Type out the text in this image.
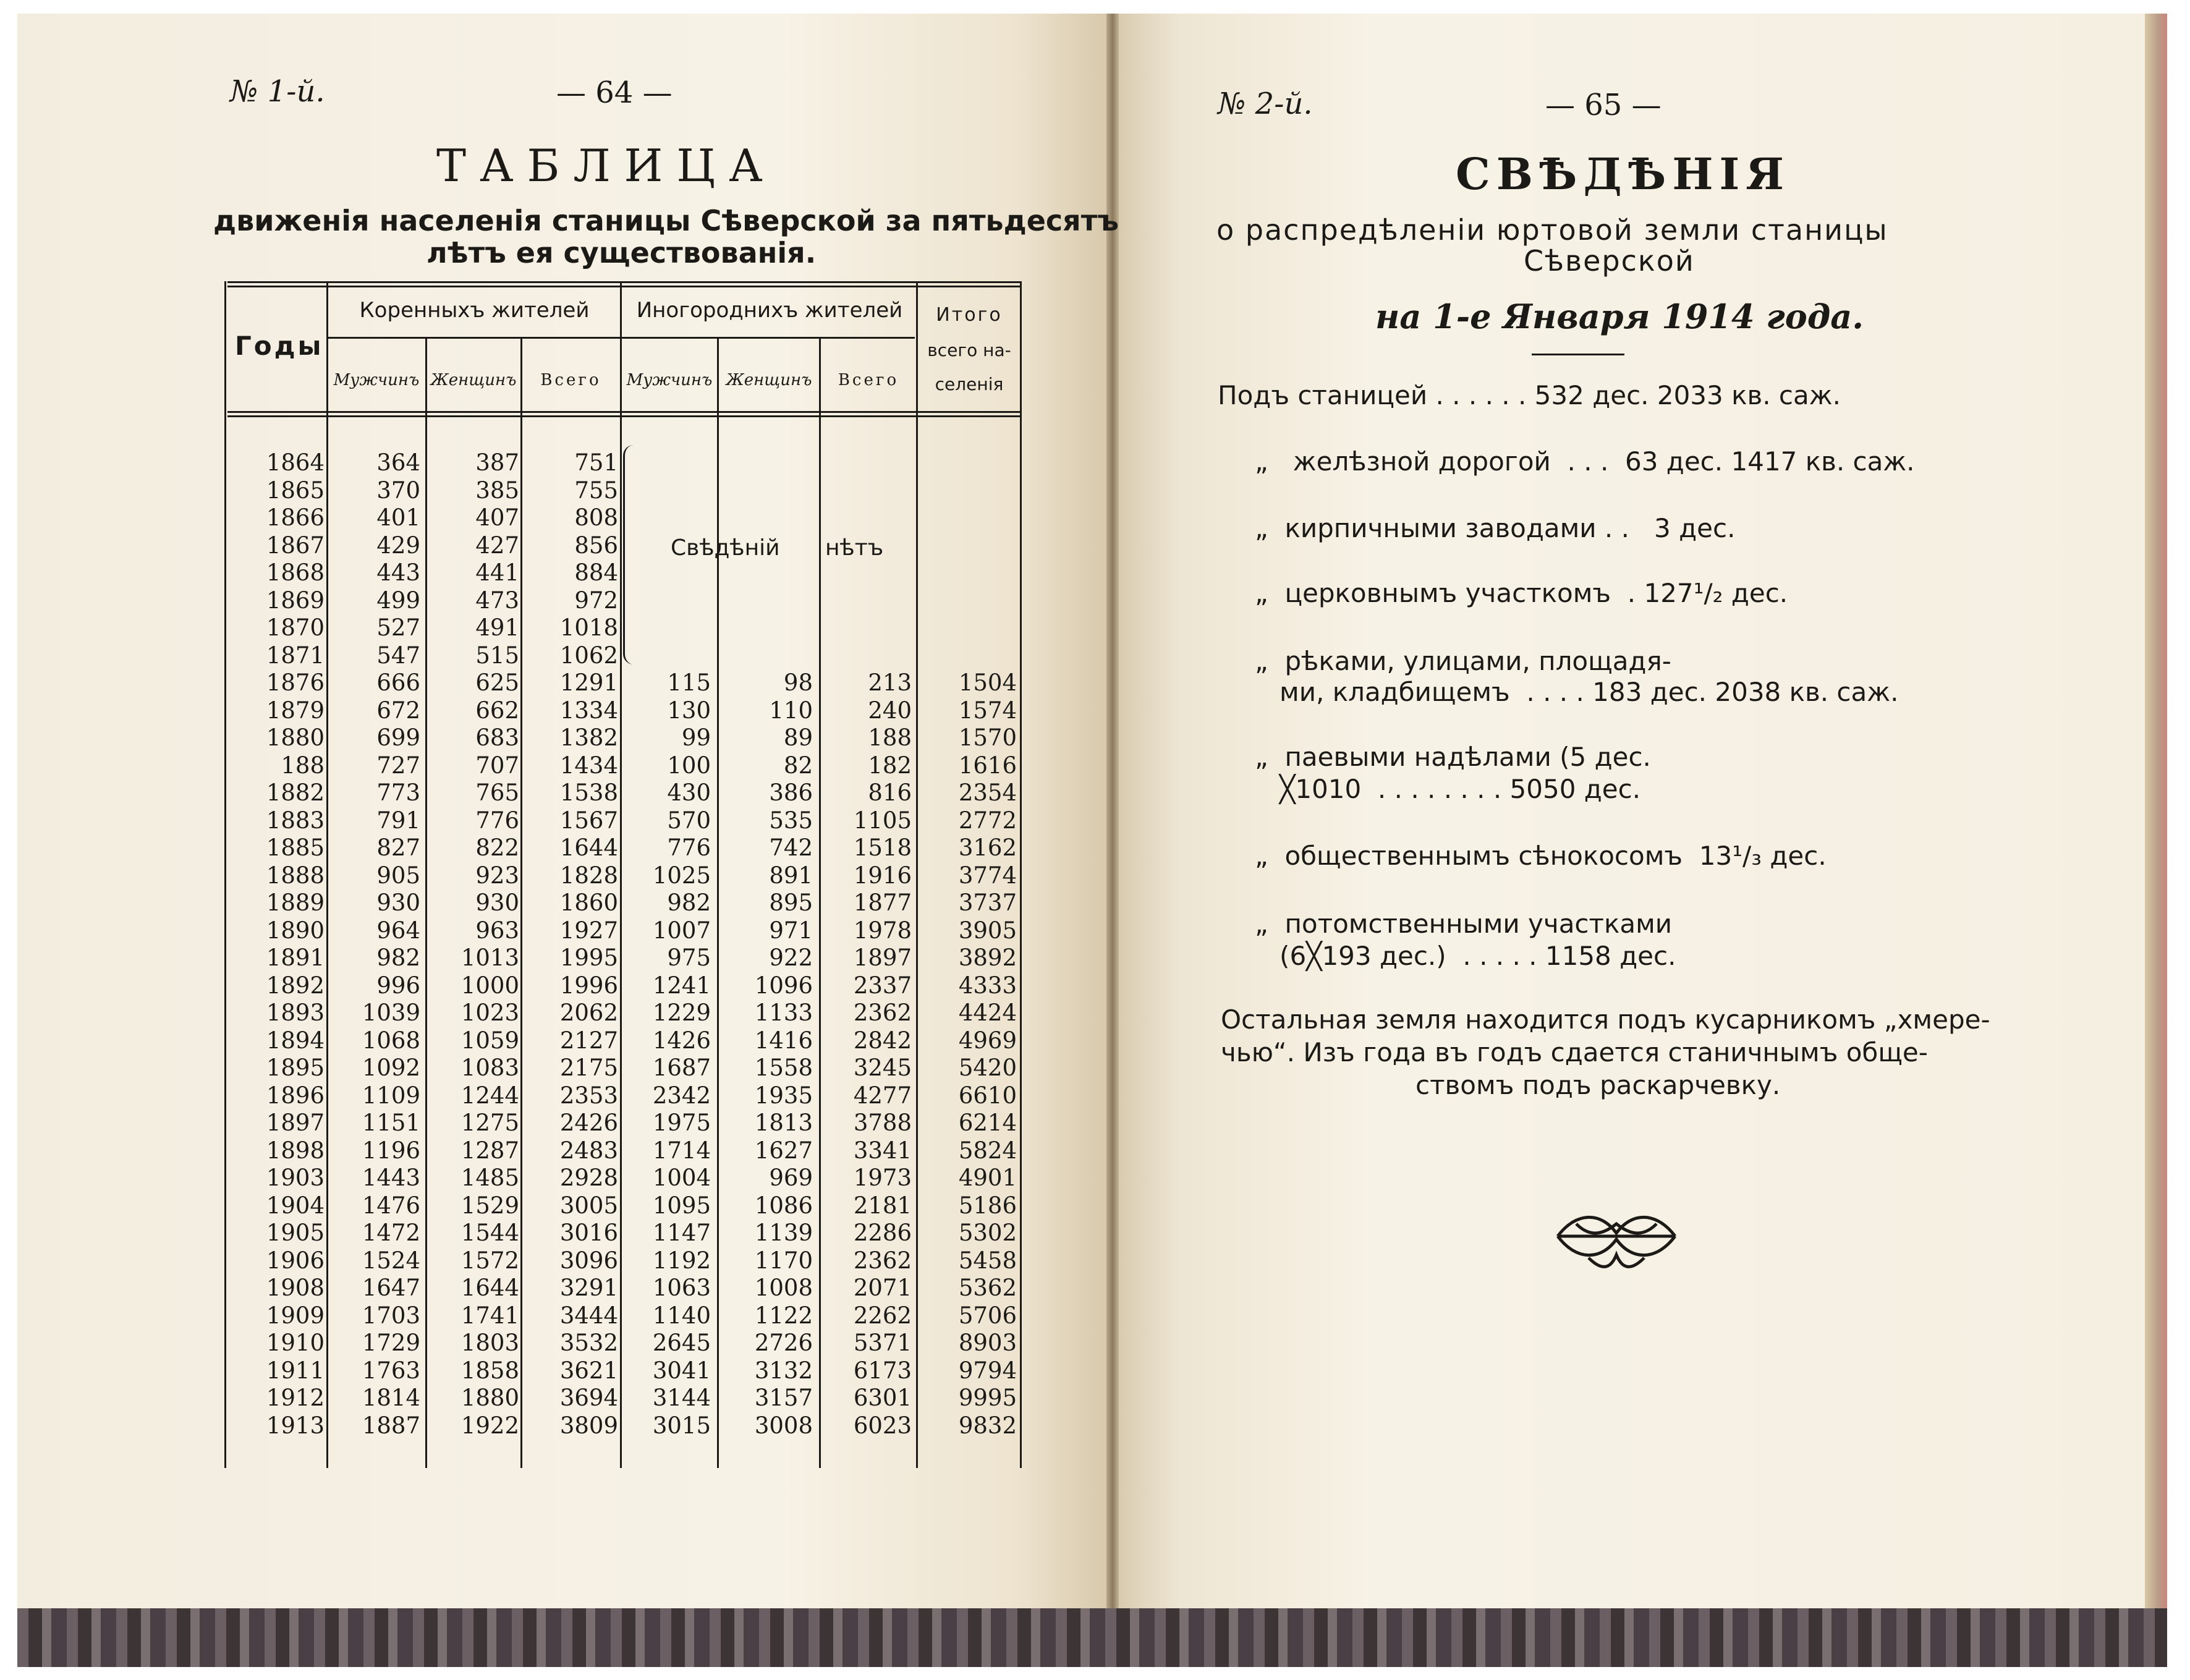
№ 1-й.	— 64 —
ТАБЛИЦА
движенія населенія станицы Сѣверской за пятьдесятъ
лѣтъ ея существованія.
Годы
Коренныхъ жителей	Иногороднихъ жителей	Итого
всего на-
селенія
Мужчинъ Женщинъ	Всего	Мужчинъ Женщинъ	Всего
Свѣдѣній нѣтъ
1864 364 387 751
1865 370 385 755
1866 401 407 808
1867 429 427 856
1868 443 441 884
1869 499 473 972
1870 527 491 1018
1871 547 515 1062
1876 666 625 1291 115	98 213 1504
1879 672 662 1334 130	110 240 1574
1880 699 683 1382	99	89 188 1570
188 727 707 1434 100	82 182 1616
1882 773 765 1538 430	386 816 2354
1883 791 776 1567 570	535 1105 2772
1885 827 822 1644 776	742 1518 3162
1888 905 923 1828 1025	891 1916 3774
1889 930 930 1860 982	895 1877 3737
1890 964 963 1927 1007	971 1978 3905
1891 982 1013 1995 975	922 1897 3892
1892 996 1000 1996 1241 1096 2337 4333
1893 1039 1023 2062 1229 1133 2362 4424
1894 1068 1059 2127 1426 1416 2842 4969
1895 1092 1083 2175 1687 1558 3245 5420
1896 1109 1244 2353 2342 1935 4277 6610
1897 1151 1275 2426 1975 1813 3788 6214
1898 1196 1287 2483 1714 1627 3341 5824
1903 1443 1485 2928 1004	969 1973 4901
1904 1476 1529 3005 1095 1086 2181 5186
1905 1472 1544 3016 1147 1139 2286 5302
1906 1524 1572 3096 1192 1170 2362 5458
1908 1647 1644 3291 1063 1008 2071 5362
1909 1703 1741 3444 1140 1122 2262 5706
1910 1729 1803 3532 2645 2726 5371 8903
1911 1763 1858 3621 3041 3132 6173 9794
1912 1814 1880 3694 3144 3157 6301 9995
1913 1887 1922 3809 3015 3008 6023 9832
№ 2-й.	— 65 —
СВѢДѢНІЯ
о распредѣленіи юртовой земли станицы
Сѣверской
на 1-е Января 1914 года.
Подъ станицей . . . . . . 532 дес. 2033 кв. саж.
„   желѣзной дорогой  . . .  63 дес. 1417 кв. саж.
„  кирпичными заводами . .   3 дес.
„  церковнымъ участкомъ  . 127¹/₂ дес.
„  рѣками, улицами, площадя-
ми, кладбищемъ  . . . . 183 дес. 2038 кв. саж.
„  паевыми надѣлами (5 дес.
╳1010  . . . . . . . . 5050 дес.
„  общественнымъ сѣнокосомъ  13¹/₃ дес.
„  потомственными участками
(6╳193 дес.)  . . . . . 1158 дес.
Остальная земля находится подъ кусарникомъ „хмере-
чью“. Изъ года въ годъ сдается станичнымъ обще-
ствомъ подъ раскарчевку.
